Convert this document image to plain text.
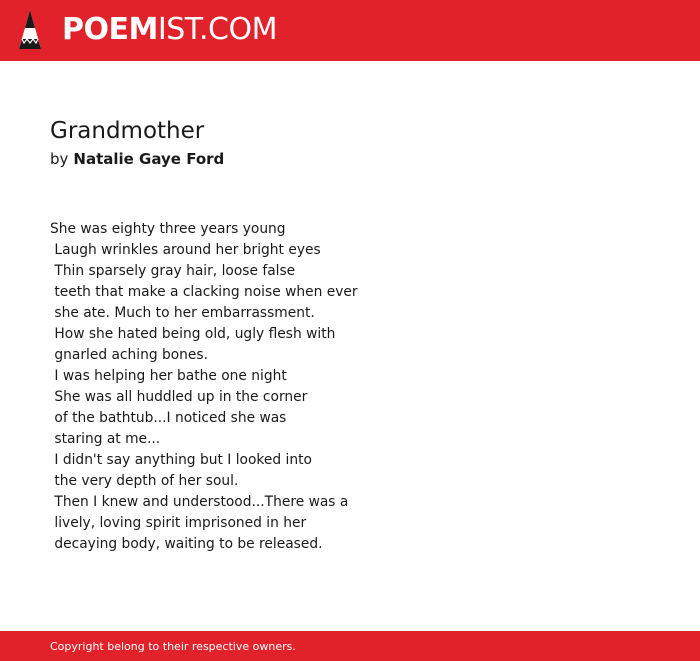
POEMIST.COM
Grandmother
by Natalie Gaye Ford
She was eighty three years young
Laugh wrinkles around her bright eyes
Thin sparsely gray hair, loose false
teeth that make a clacking noise when ever
she ate. Much to her embarrassment.
How she hated being old, ugly flesh with
gnarled aching bones.
I was helping her bathe one night
She was all huddled up in the corner
of the bathtub...I noticed she was
staring at me...
I didn't say anything but I looked into
the very depth of her soul.
Then I knew and understood...There was a
lively, loving spirit imprisoned in her
decaying body, waiting to be released.
Copyright belong to their respective owners.
